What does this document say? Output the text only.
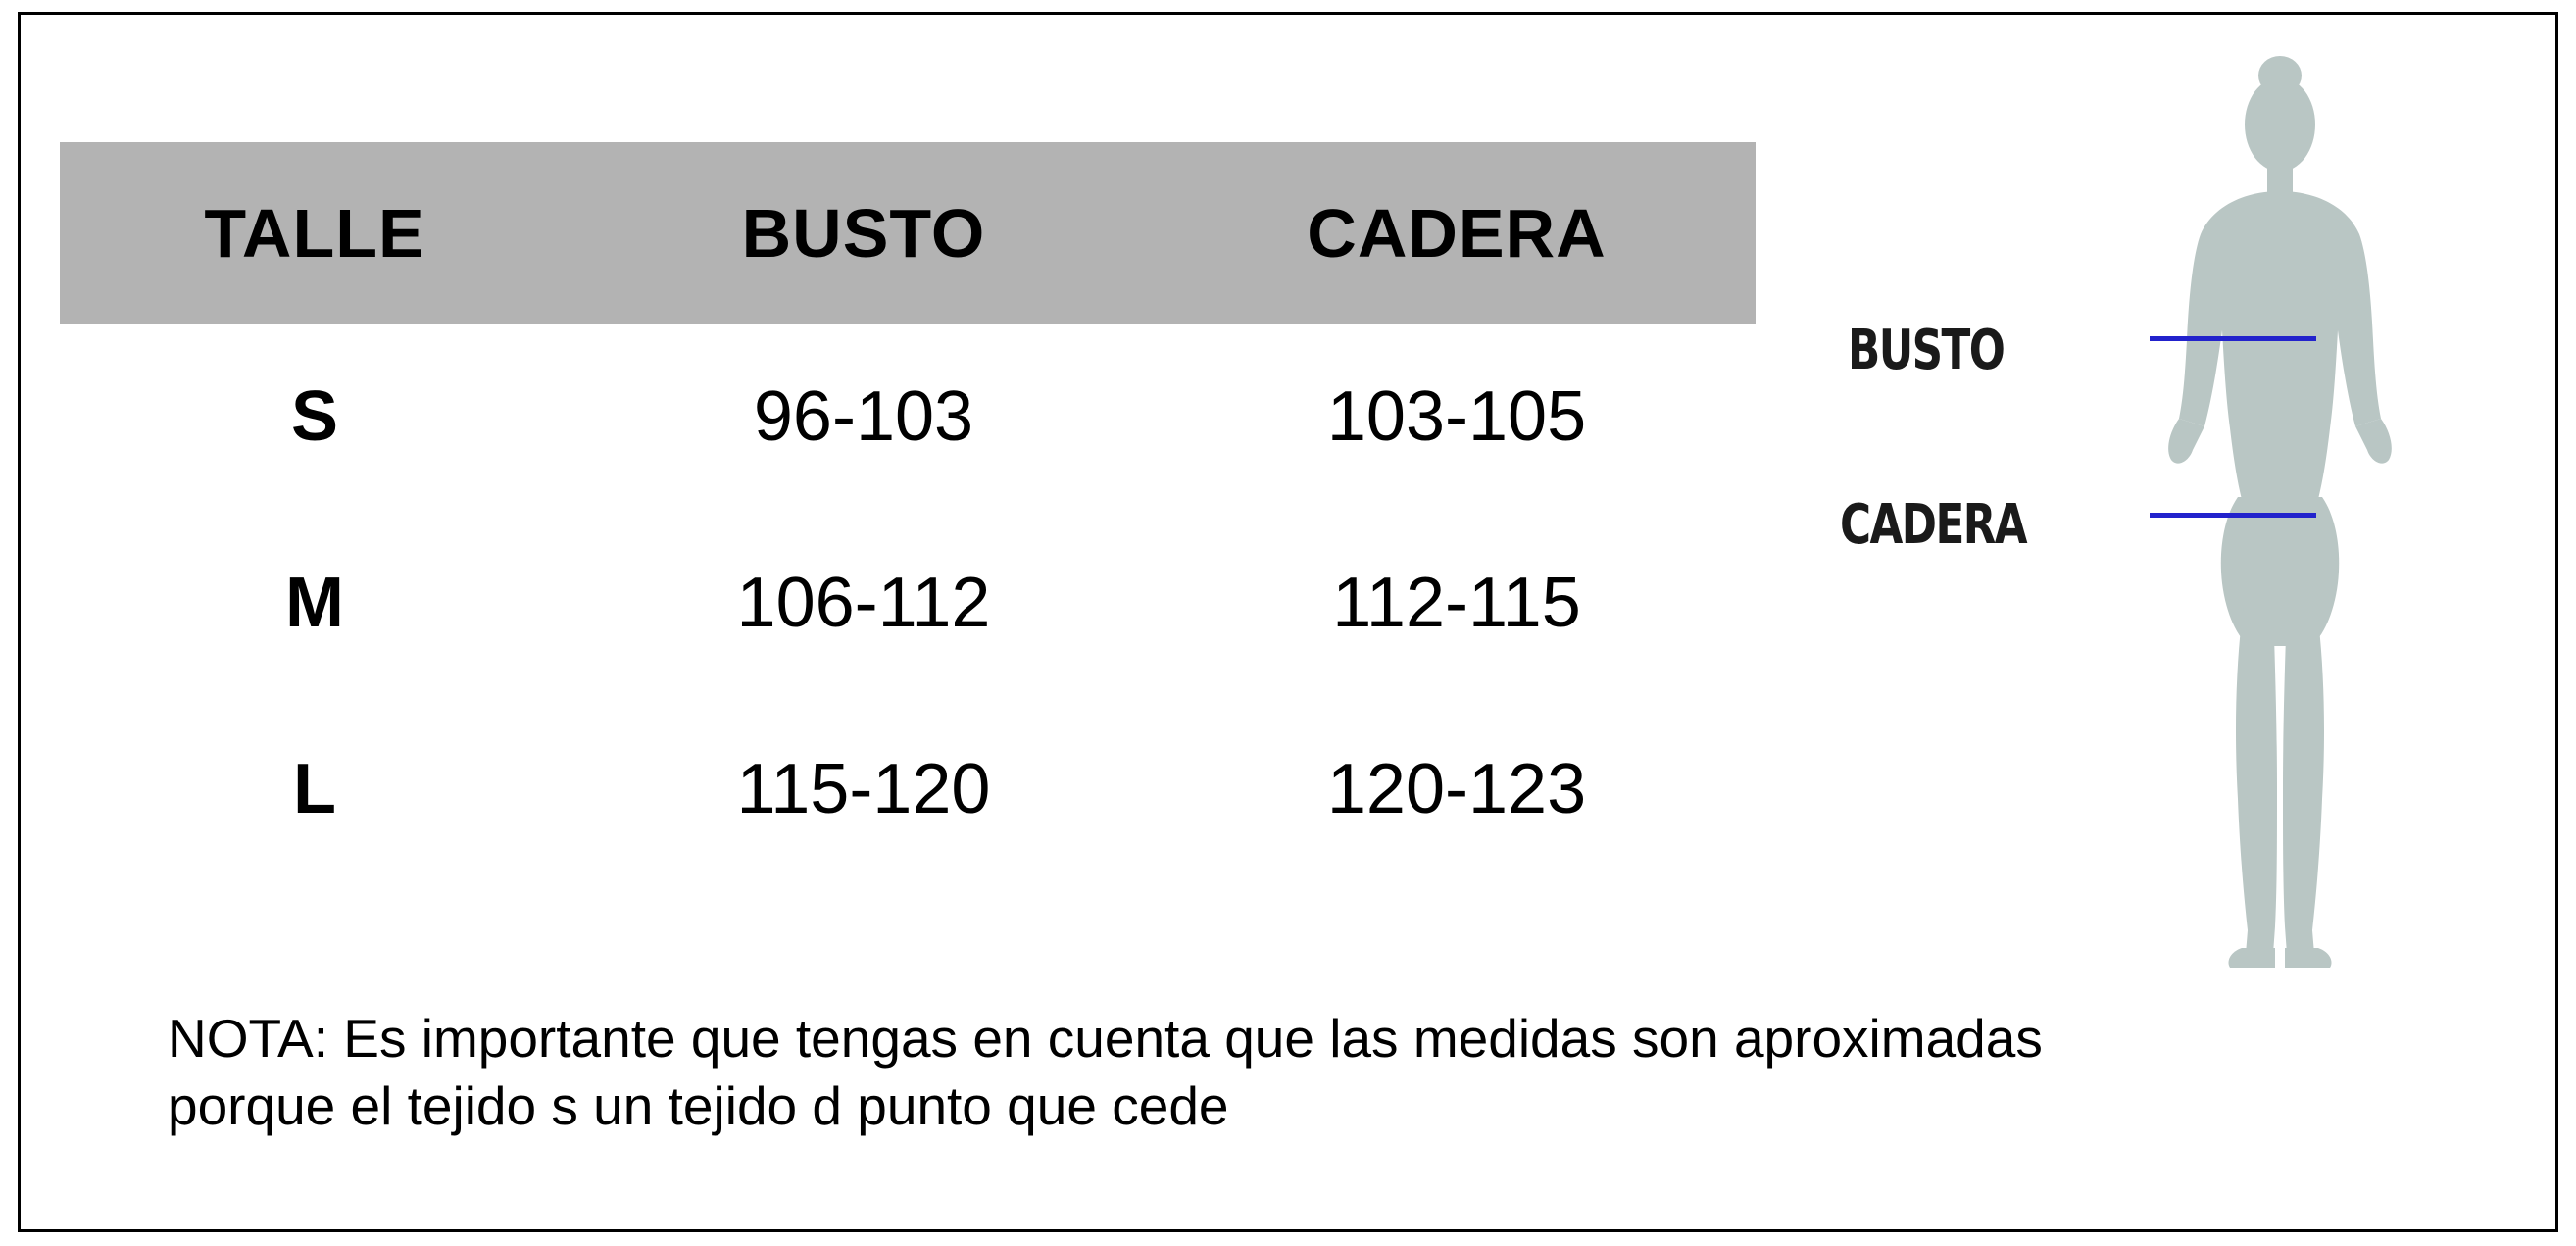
TALLE	BUSTO	CADERA
S	96-103	103-105
M	106-112	112-115
L	115-120	120-123
NOTA: Es importante que tengas en cuenta que las medidas son aproximadas
porque el tejido s un tejido d punto que cede
BUSTO
CADERA
